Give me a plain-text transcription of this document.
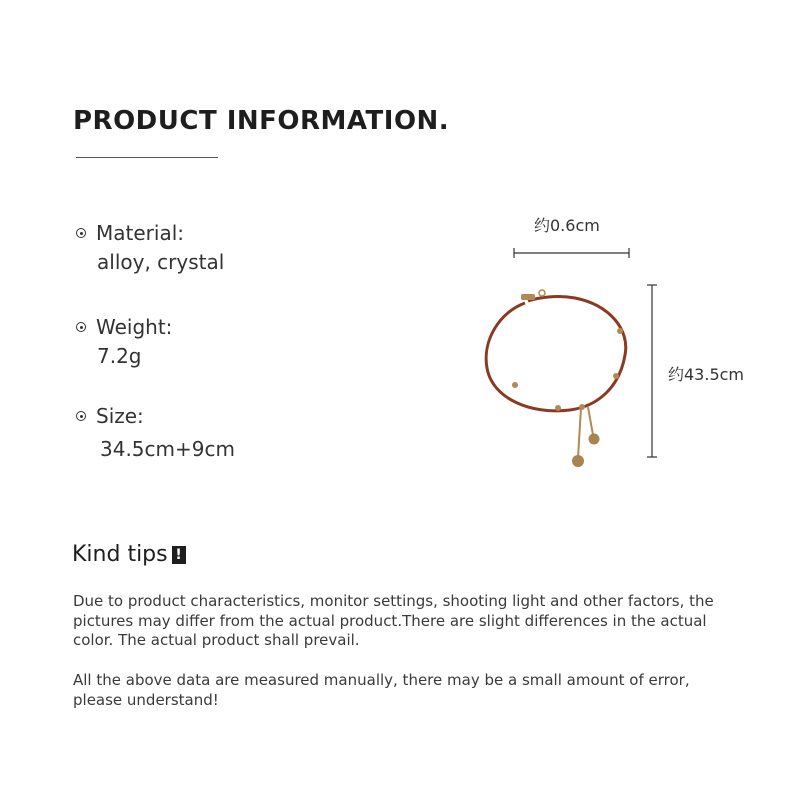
PRODUCT INFORMATION.
Material:
alloy, crystal
Weight:
7.2g
Size:
34.5cm+9cm
约0.6cm
约43.5cm
Kind tips !

Due to product characteristics, monitor settings, shooting light and other factors, the pictures may differ from the actual product.There are slight differences in the actual color. The actual product shall prevail.

All the above data are measured manually, there may be a small amount of error, please understand!
